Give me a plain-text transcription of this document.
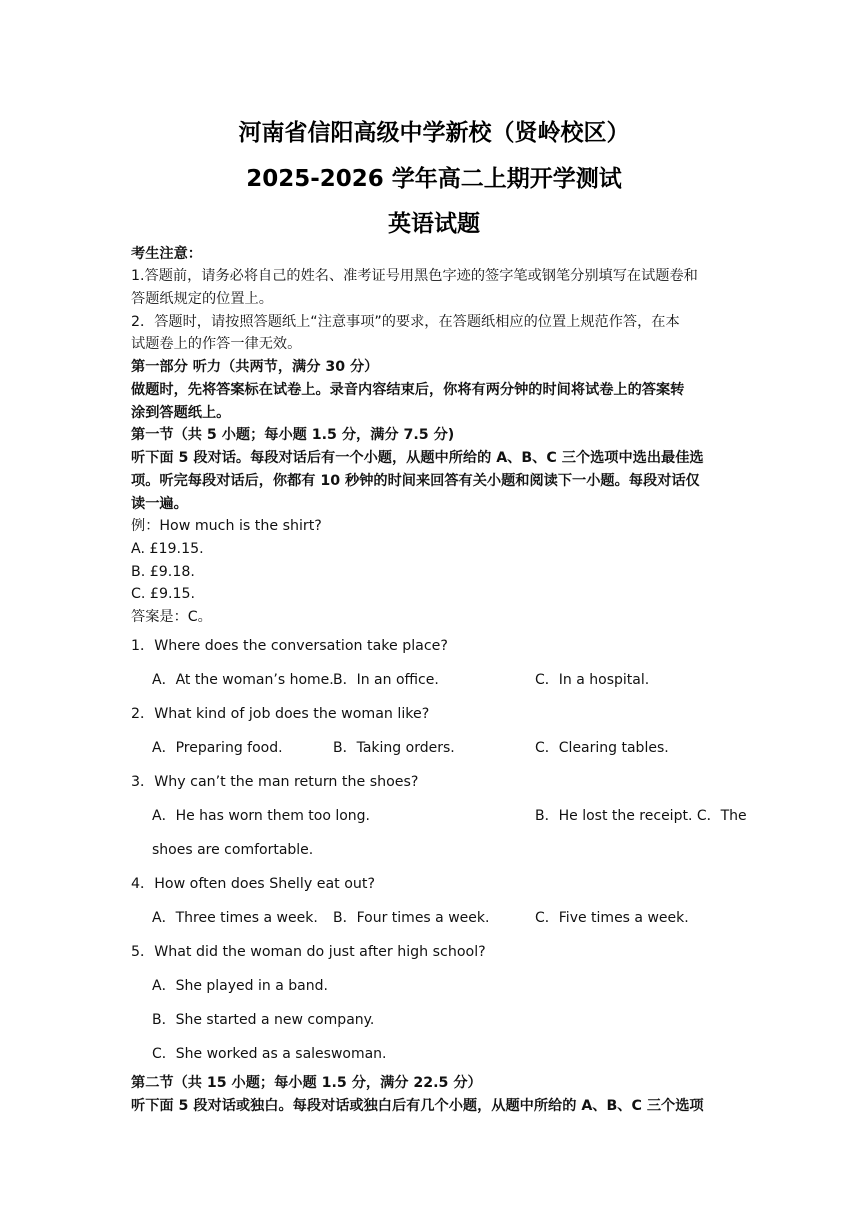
河南省信阳高级中学新校（贤岭校区）
2025-2026 学年高二上期开学测试
英语试题
考生注意：
1.答题前，请务必将自己的姓名、准考证号用黑色字迹的签字笔或钢笔分别填写在试题卷和
答题纸规定的位置上。
2．答题时，请按照答题纸上“注意事项”的要求，在答题纸相应的位置上规范作答，在本
试题卷上的作答一律无效。
第一部分 听力（共两节，满分 30 分）
做题时，先将答案标在试卷上。录音内容结束后，你将有两分钟的时间将试卷上的答案转
涂到答题纸上。
第一节（共 5 小题；每小题 1.5 分，满分 7.5 分)
听下面 5 段对话。每段对话后有一个小题，从题中所给的 A、B、C 三个选项中选出最佳选
项。听完每段对话后，你都有 10 秒钟的时间来回答有关小题和阅读下一小题。每段对话仅
读一遍。
例：How much is the shirt?
A. £19.15.
B. £9.18.
C. £9.15.
答案是：C。
1．Where does the conversation take place?
A．At the woman’s home. B．In an office.	C．In a hospital.
2．What kind of job does the woman like?
A．Preparing food.	B．Taking orders.	C．Clearing tables.
3．Why can’t the man return the shoes?
A．He has worn them too long.	B．He lost the receipt. C．The
shoes are comfortable.
4．How often does Shelly eat out?
A．Three times a week. B．Four times a week.	C．Five times a week.
5．What did the woman do just after high school?
A．She played in a band.
B．She started a new company.
C．She worked as a saleswoman.
第二节（共 15 小题；每小题 1.5 分，满分 22.5 分）
听下面 5 段对话或独白。每段对话或独白后有几个小题，从题中所给的 A、B、C 三个选项
